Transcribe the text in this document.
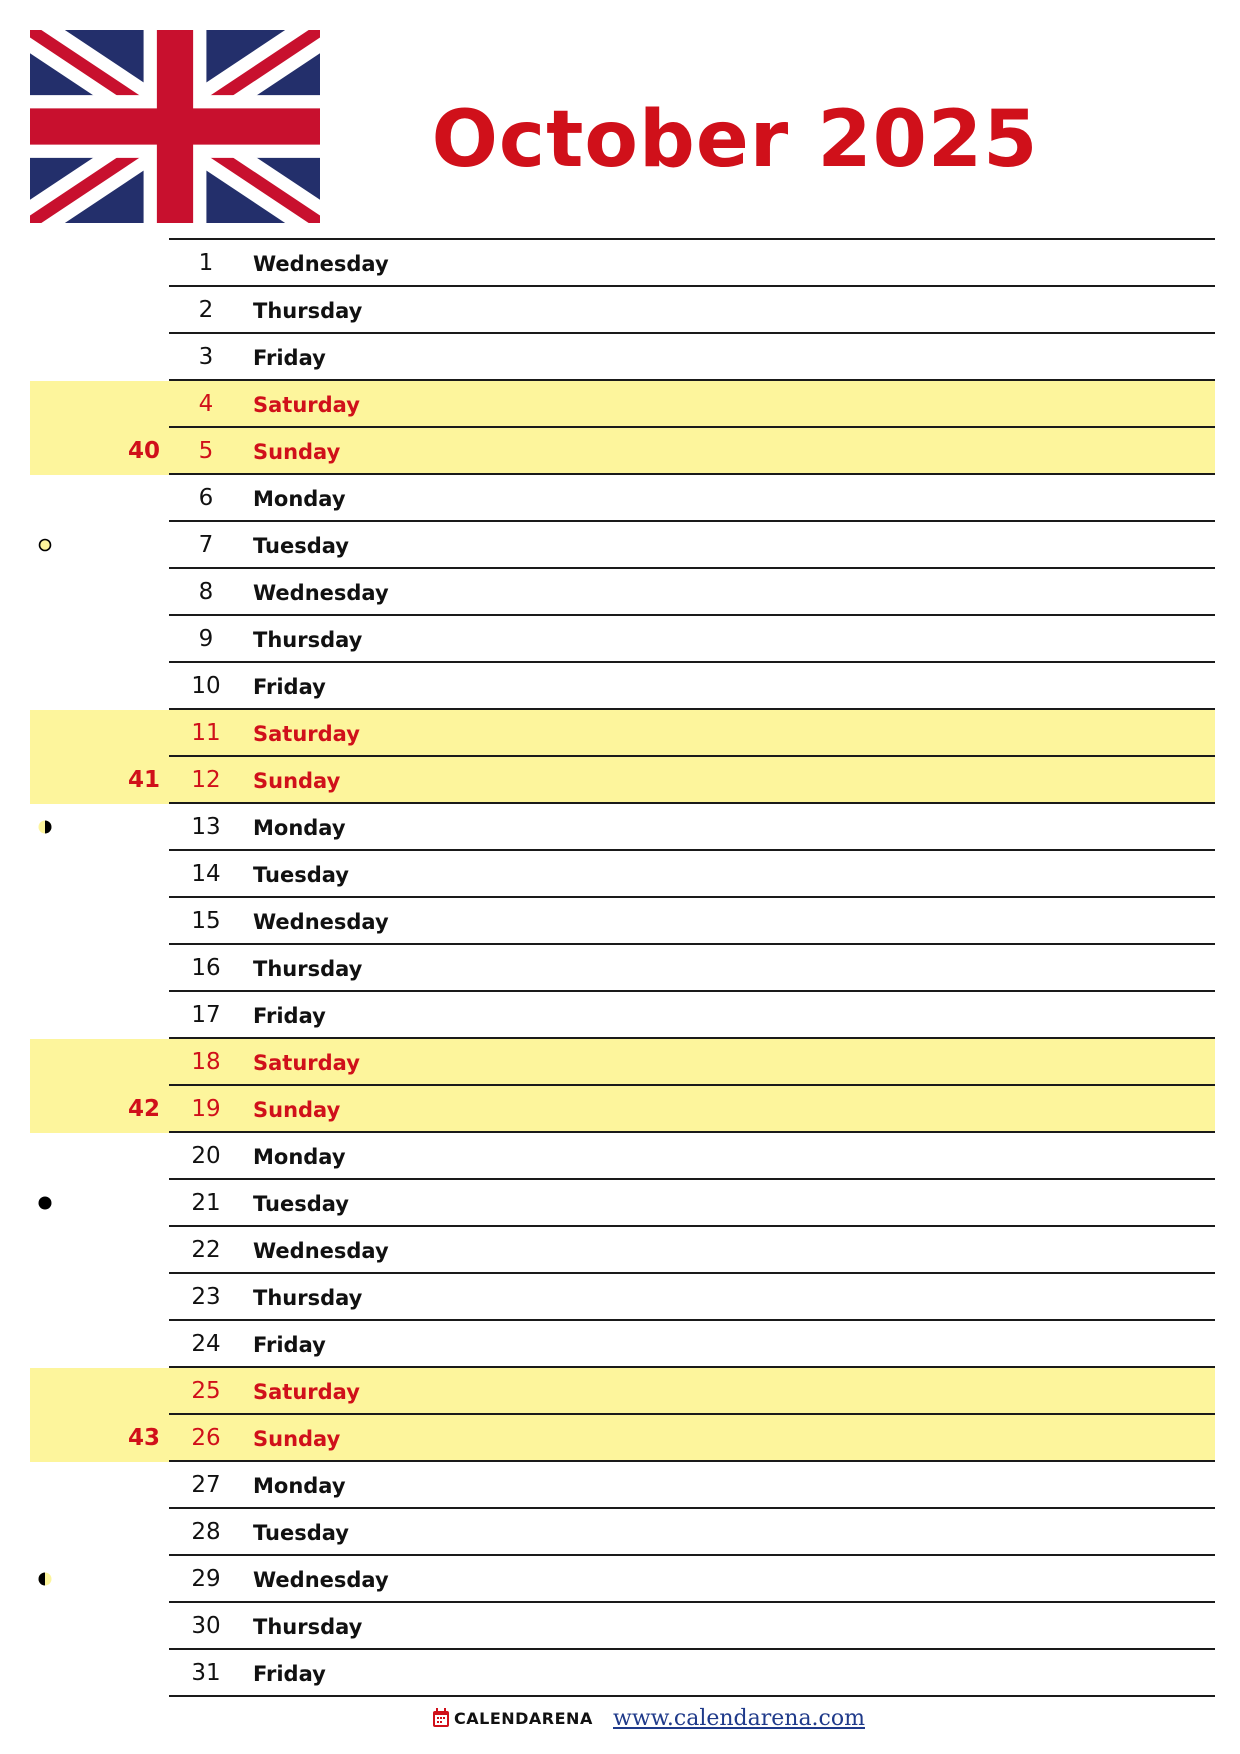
October 2025
1	Wednesday
2	Thursday
3	Friday
4	Saturday
5	Sunday
40
6	Monday
7	Tuesday
8	Wednesday
9	Thursday
10	Friday
11	Saturday
12	Sunday
41
13	Monday
14	Tuesday
15	Wednesday
16	Thursday
17	Friday
18	Saturday
19	Sunday
42
20	Monday
21	Tuesday
22	Wednesday
23	Thursday
24	Friday
25	Saturday
26	Sunday
43
27	Monday
28	Tuesday
29	Wednesday
30	Thursday
31	Friday
CALENDARENA www.calendarena.com
